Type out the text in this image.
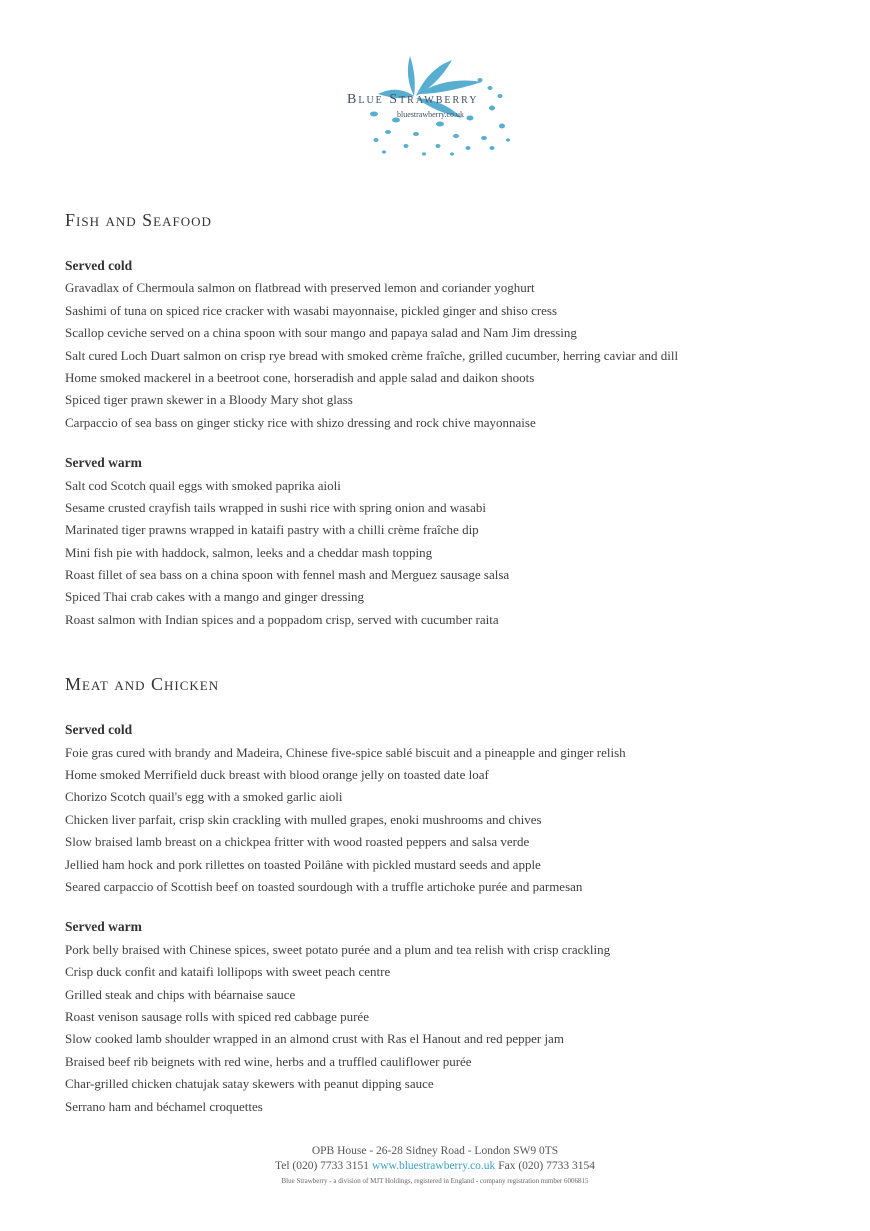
Blue Strawberry
bluestrawberry.co.uk
Fish and Seafood
Served cold
Gravadlax of Chermoula salmon on flatbread with preserved lemon and coriander yoghurt
Sashimi of tuna on spiced rice cracker with wasabi mayonnaise, pickled ginger and shiso cress
Scallop ceviche served on a china spoon with sour mango and papaya salad and Nam Jim dressing
Salt cured Loch Duart salmon on crisp rye bread with smoked crème fraîche, grilled cucumber, herring caviar and dill
Home smoked mackerel in a beetroot cone, horseradish and apple salad and daikon shoots
Spiced tiger prawn skewer in a Bloody Mary shot glass
Carpaccio of sea bass on ginger sticky rice with shizo dressing and rock chive mayonnaise
Served warm
Salt cod Scotch quail eggs with smoked paprika aioli
Sesame crusted crayfish tails wrapped in sushi rice with spring onion and wasabi
Marinated tiger prawns wrapped in kataifi pastry with a chilli crème fraîche dip
Mini fish pie with haddock, salmon, leeks and a cheddar mash topping
Roast fillet of sea bass on a china spoon with fennel mash and Merguez sausage salsa
Spiced Thai crab cakes with a mango and ginger dressing
Roast salmon with Indian spices and a poppadom crisp, served with cucumber raita
Meat and Chicken
Served cold
Foie gras cured with brandy and Madeira, Chinese five-spice sablé biscuit and a pineapple and ginger relish
Home smoked Merrifield duck breast with blood orange jelly on toasted date loaf
Chorizo Scotch quail's egg with a smoked garlic aioli
Chicken liver parfait, crisp skin crackling with mulled grapes, enoki mushrooms and chives
Slow braised lamb breast on a chickpea fritter with wood roasted peppers and salsa verde
Jellied ham hock and pork rillettes on toasted Poilâne with pickled mustard seeds and apple
Seared carpaccio of Scottish beef on toasted sourdough with a truffle artichoke purée and parmesan
Served warm
Pork belly braised with Chinese spices, sweet potato purée and a plum and tea relish with crisp crackling
Crisp duck confit and kataifi lollipops with sweet peach centre
Grilled steak and chips with béarnaise sauce
Roast venison sausage rolls with spiced red cabbage purée
Slow cooked lamb shoulder wrapped in an almond crust with Ras el Hanout and red pepper jam
Braised beef rib beignets with red wine, herbs and a truffled cauliflower purée
Char-grilled chicken chatujak satay skewers with peanut dipping sauce
Serrano ham and béchamel croquettes
OPB House - 26-28 Sidney Road - London SW9 0TS
Tel (020) 7733 3151 www.bluestrawberry.co.uk Fax (020) 7733 3154
Blue Strawberry - a division of MJT Holdings, registered in England - company registration number 6006815
